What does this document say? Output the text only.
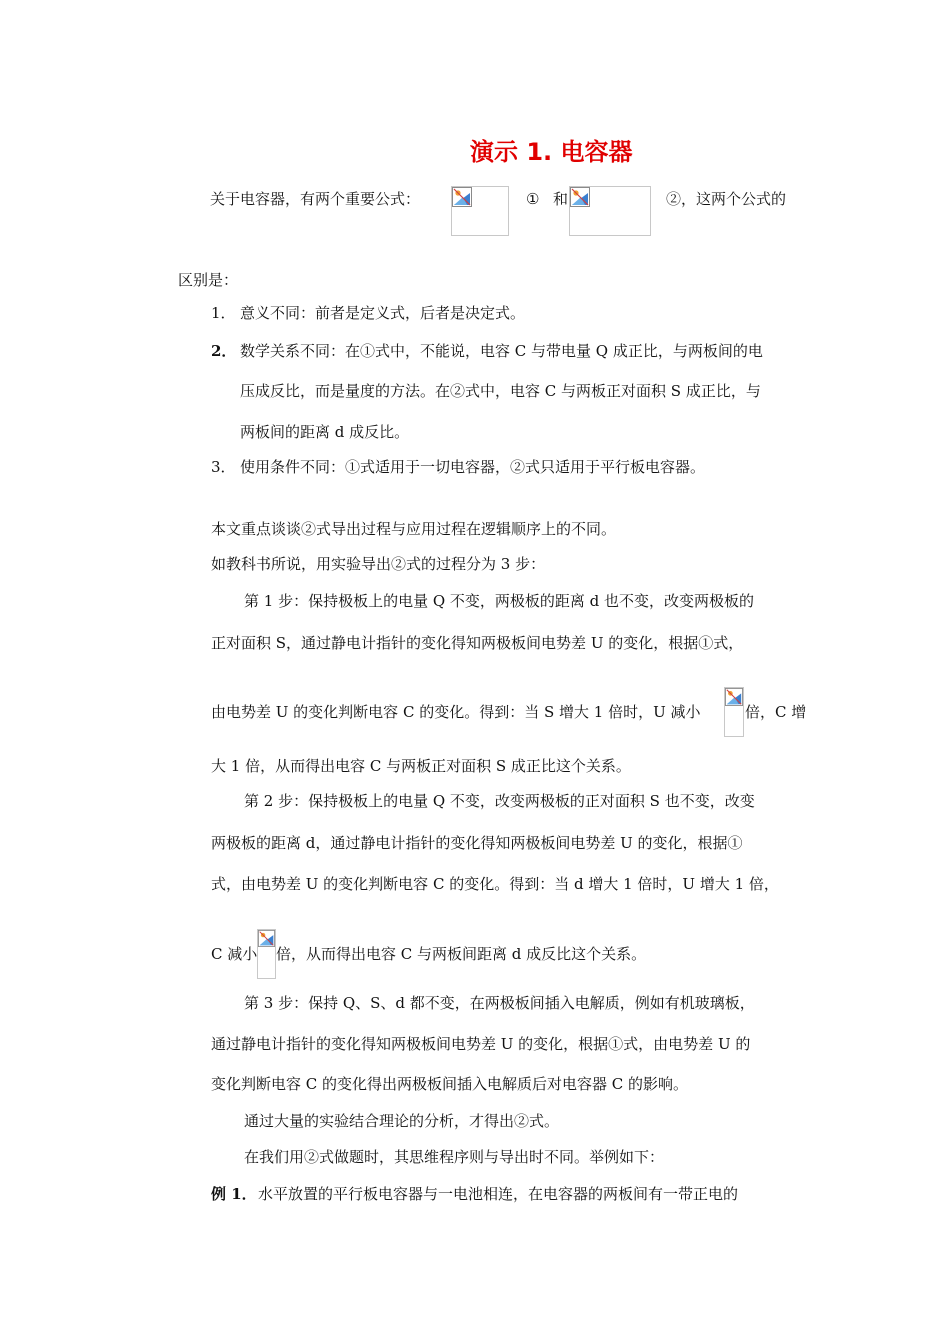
演示 1. 电容器
关于电容器，有两个重要公式：	① 和	②，这两个公式的
区别是：
1． 意义不同：前者是定义式，后者是决定式。
2． 数学关系不同：在①式中，不能说，电容 C 与带电量 Q 成正比，与两板间的电
压成反比，而是量度的方法。在②式中，电容 C 与两板正对面积 S 成正比，与
两板间的距离 d 成反比。
3． 使用条件不同：①式适用于一切电容器，②式只适用于平行板电容器。
本文重点谈谈②式导出过程与应用过程在逻辑顺序上的不同。
如教科书所说，用实验导出②式的过程分为 3 步：
第 1 步：保持极板上的电量 Q 不变，两极板的距离 d 也不变，改变两极板的
正对面积 S，通过静电计指针的变化得知两极板间电势差 U 的变化，根据①式，
由电势差 U 的变化判断电容 C 的变化。得到：当 S 增大 1 倍时，U 减小	倍，C 增
大 1 倍，从而得出电容 C 与两板正对面积 S 成正比这个关系。
第 2 步：保持极板上的电量 Q 不变，改变两极板的正对面积 S 也不变，改变
两极板的距离 d，通过静电计指针的变化得知两极板间电势差 U 的变化，根据①
式，由电势差 U 的变化判断电容 C 的变化。得到：当 d 增大 1 倍时，U 增大 1 倍，
C 减小 倍，从而得出电容 C 与两板间距离 d 成反比这个关系。
第 3 步：保持 Q、S、d 都不变，在两极板间插入电解质，例如有机玻璃板，
通过静电计指针的变化得知两极板间电势差 U 的变化，根据①式，由电势差 U 的
变化判断电容 C 的变化得出两极板间插入电解质后对电容器 C 的影响。
通过大量的实验结合理论的分析，才得出②式。
在我们用②式做题时，其思维程序则与导出时不同。举例如下：
例 1． 水平放置的平行板电容器与一电池相连，在电容器的两板间有一带正电的
